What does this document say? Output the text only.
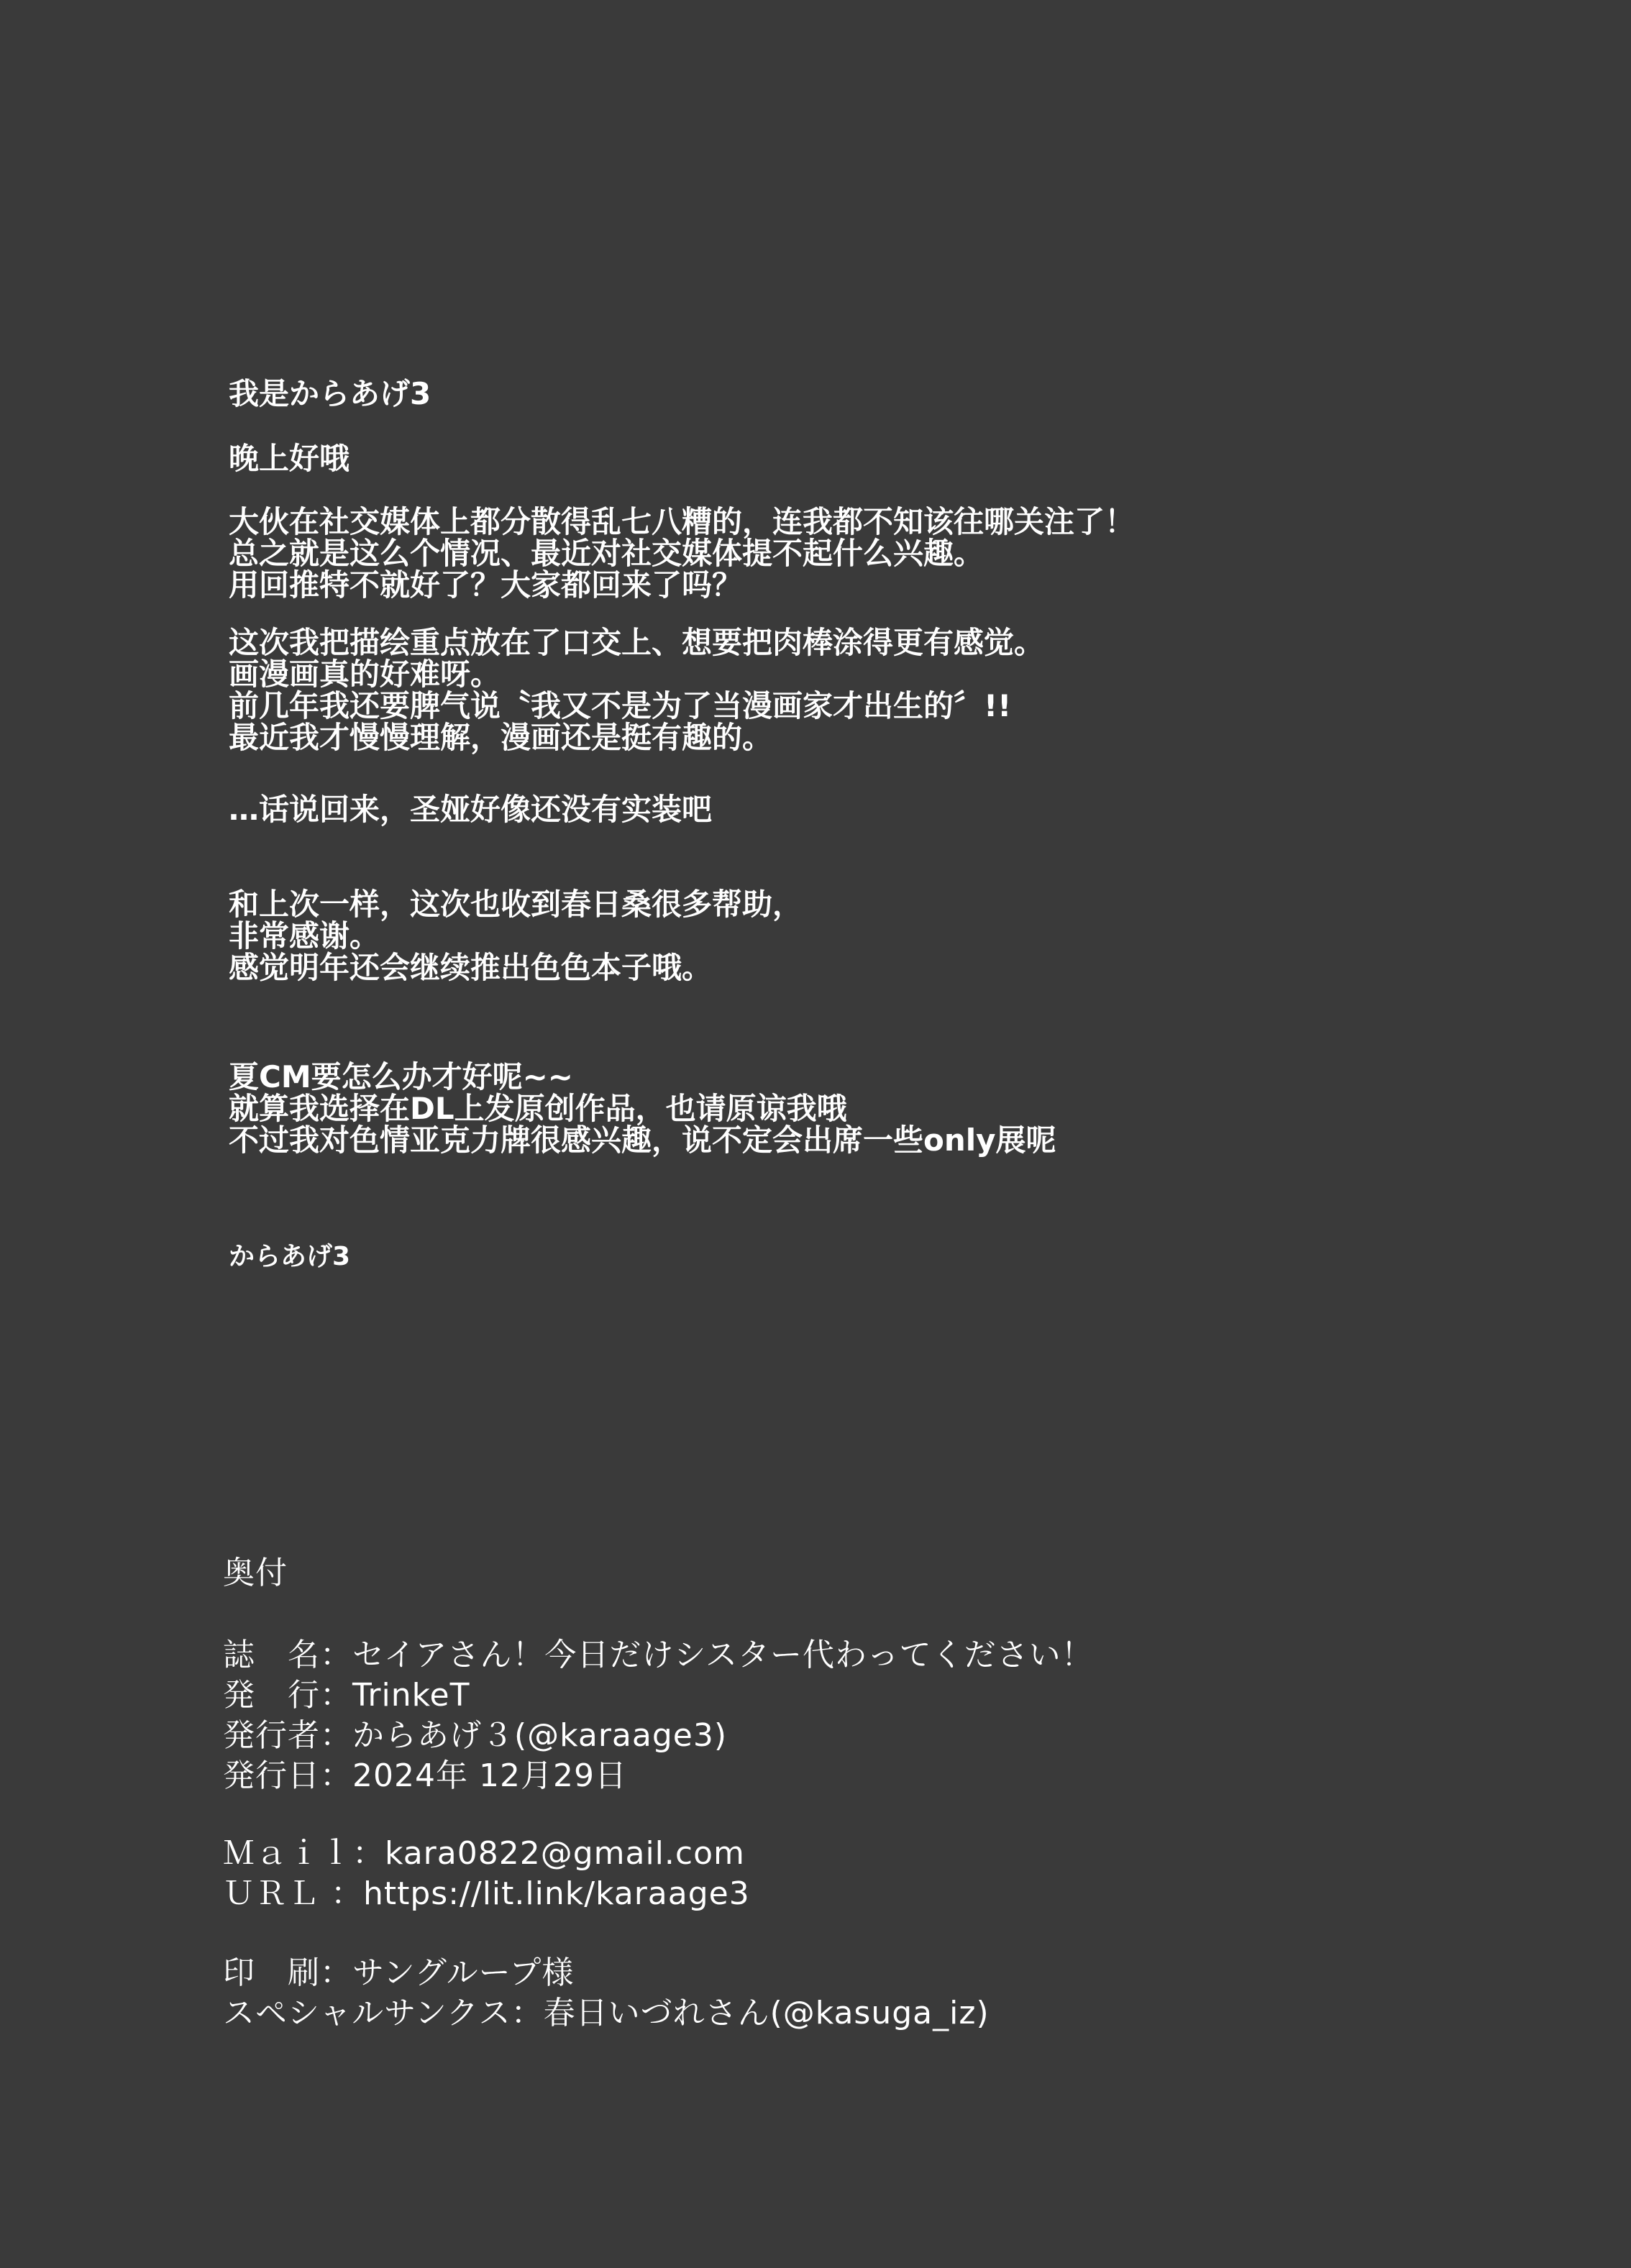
我是からあげ3
晚上好哦
大伙在社交媒体上都分散得乱七八糟的，连我都不知该往哪关注了！
总之就是这么个情况、最近对社交媒体提不起什么兴趣。
用回推特不就好了？大家都回来了吗？
这次我把描绘重点放在了口交上、想要把肉棒涂得更有感觉。
画漫画真的好难呀。
前几年我还要脾气说〝我又不是为了当漫画家才出生的〞!!
最近我才慢慢理解，漫画还是挺有趣的。
…话说回来，圣娅好像还没有实装吧
和上次一样，这次也收到春日桑很多帮助，
非常感谢。
感觉明年还会继续推出色色本子哦。
夏CM要怎么办才好呢~~
就算我选择在DL上发原创作品，也请原谅我哦
不过我对色情亚克力牌很感兴趣，说不定会出席一些only展呢
からあげ3
奥付
誌　名：セイアさん！今日だけシスター代わってください！
発　行：TrinkeT
発行者：からあげ３(@karaage3)
発行日：2024年 12月29日
Ｍａｉｌ：kara0822@gmail.com
ＵＲＬ ：https://lit.link/karaage3
印　刷：サングループ様
スペシャルサンクス：春日いづれさん(@kasuga_iz)
